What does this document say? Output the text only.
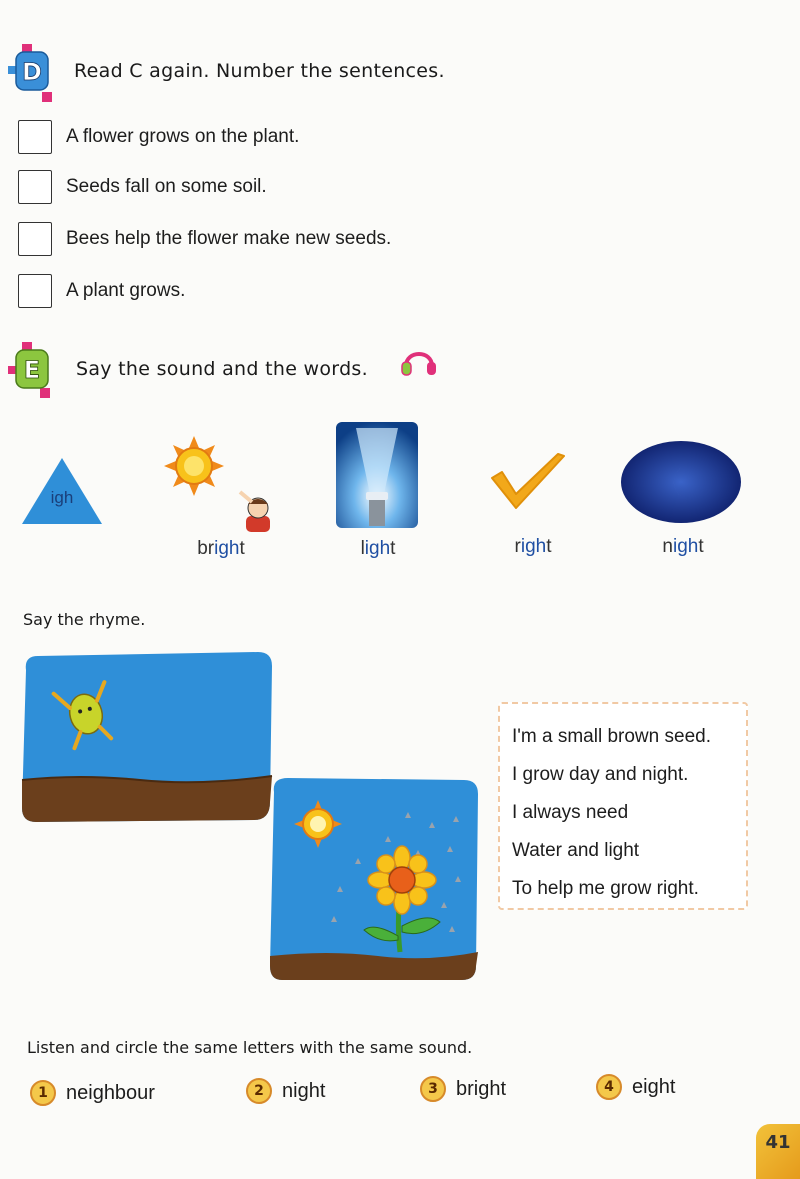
D Read C again. Number the sentences.
A flower grows on the plant.
Seeds fall on some soil.
Bees help the flower make new seeds.
A plant grows.
E Say the sound and the words.
igh
bright	light	right	night
Say the rhyme.
I'm a small brown seed.
I grow day and night.
I always need
Water and light
To help me grow right.
Listen and circle the same letters with the same sound.
1 neighbour	2 night	3 bright	4 eight
41
